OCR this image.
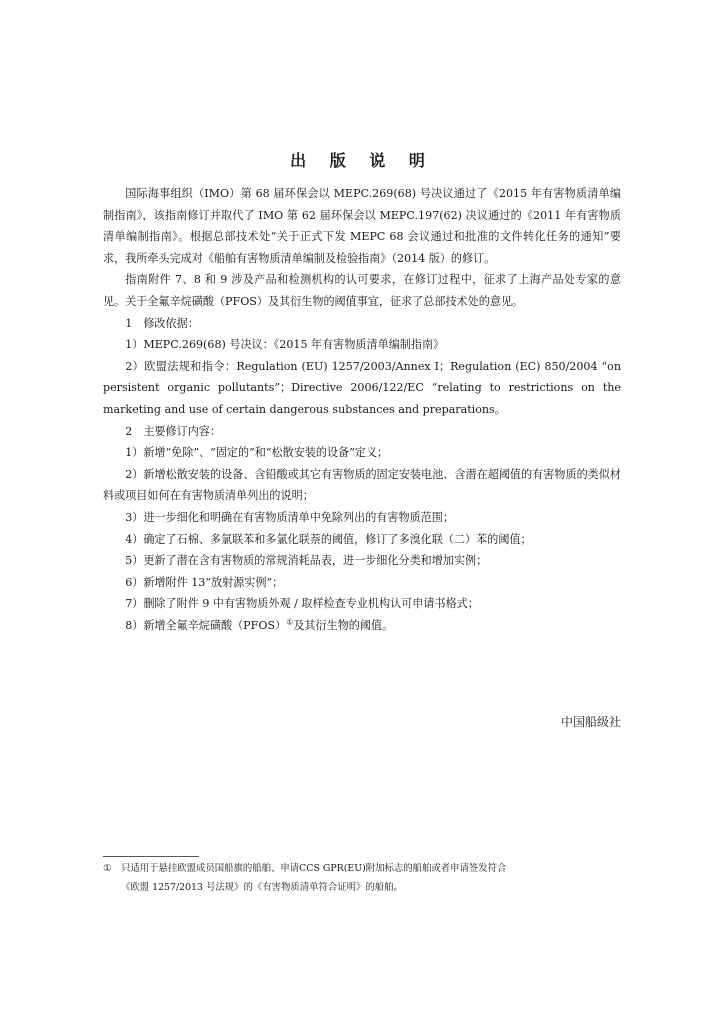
出 版 说 明

国际海事组织（IMO）第 68 届环保会以 MEPC.269(68) 号决议通过了《2015 年有害物质清单编制指南》，该指南修订并取代了 IMO 第 62 届环保会以 MEPC.197(62) 决议通过的《2011 年有害物质清单编制指南》。根据总部技术处“关于正式下发 MEPC 68 会议通过和批准的文件转化任务的通知”要求，我所牵头完成对《船舶有害物质清单编制及检验指南》（2014 版）的修订。

指南附件 7、8 和 9 涉及产品和检测机构的认可要求，在修订过程中，征求了上海产品处专家的意见。关于全氟辛烷磺酸（PFOS）及其衍生物的阈值事宜，征求了总部技术处的意见。

1　修改依据：

1）MEPC.269(68) 号决议：《2015 年有害物质清单编制指南》

2）欧盟法规和指令：Regulation (EU) 1257/2003/Annex I；Regulation (EC) 850/2004 “on persistent organic pollutants”；Directive 2006/122/EC “relating to restrictions on the marketing and use of certain dangerous substances and preparations。

2　主要修订内容：

1）新增“免除”、“固定的”和“松散安装的设备”定义；

2）新增松散安装的设备、含铅酸或其它有害物质的固定安装电池、含潜在超阈值的有害物质的类似材料或项目如何在有害物质清单列出的说明；

3）进一步细化和明确在有害物质清单中免除列出的有害物质范围；

4）确定了石棉、多氯联苯和多氯化联萘的阈值，修订了多溴化联（二）苯的阈值；

5）更新了潜在含有害物质的常规消耗品表，进一步细化分类和增加实例；

6）新增附件 13“放射源实例”；

7）删除了附件 9 中有害物质外观 / 取样检查专业机构认可申请书格式；

8）新增全氟辛烷磺酸（PFOS）①及其衍生物的阈值。

中国船级社
① 只适用于悬挂欧盟成员国船旗的船舶、申请CCS GPR(EU)附加标志的船舶或者申请签发符合
《欧盟 1257/2013 号法规》的《有害物质清单符合证明》的船舶。
